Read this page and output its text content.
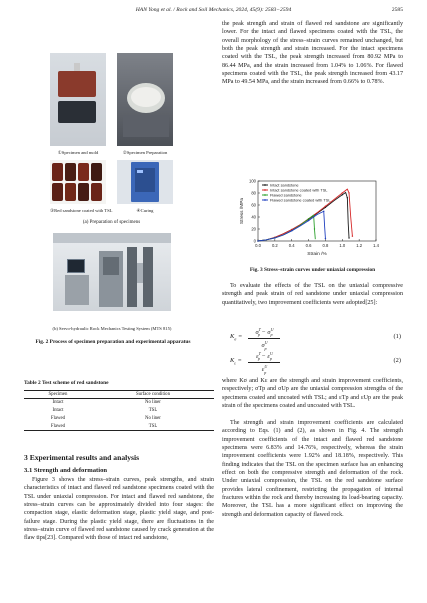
HAN Yong et al. / Rock and Soil Mechanics, 2024, 45(9): 2583−2594	2585
①Specimen and mold	②Specimen Preparation
③Red sandstone coated with TSL	④Curing
(a) Preparation of specimens
(b) Servo-hydraulic Rock Mechanics Testing System (MTS 815)
Fig. 2 Process of specimen preparation and experimental apparatus
Table 2 Test scheme of red sandstone
Specimen	Surface condition
Intact	No liner
Intact	TSL
Flawed	No liner
Flawed	TSL
3 Experimental results and analysis
3.1 Strength and deformation

Figure 3 shows the stress–strain curves, peak strengths, and strain characteristics of intact and flawed red sandstone specimens coated with the TSL under uniaxial compression. For intact and flawed red sandstone, the stress–strain curves can be approximately divided into four stages: the compaction stage, elastic deformation stage, plastic yield stage, and post-failure stage. During the plastic yield stage, there are fluctuations in the stress–strain curve of flawed red sandstone caused by crack generation at the flaw tips[23]. Compared with those of intact red sandstone,

the peak strength and strain of flawed red sandstone are significantly lower. For the intact and flawed specimens coated with the TSL, the overall morphology of the stress–strain curves remained unchanged, but both the peak strength and strain increased. For the intact specimens coated with the TSL, the peak strength increased from 80.92 MPa to 86.44 MPa, and the strain increased from 1.04% to 1.06%. For flawed specimens coated with the TSL, the peak strength increased from 43.17 MPa to 49.54 MPa, and the strain increased from 0.66% to 0.78%.

0.0	0.2	0.4	0.6	0.8	1.0	1.2	1.4
0
20
40
60
80
100
Strain /%
Stress /MPa
Intact sandstone
Intact sandstone coated with TSL
Flawed sandstone
Flawed sandstone coated with TSL
Fig. 3 Stress–strain curves under uniaxial compression

To evaluate the effects of the TSL on the uniaxial compressive strength and peak strain of red sandstone under uniaxial compression quantitatively, two improvement coefficients were adopted[25]:

$K_\sigma$ =
$\sigma^T_p - \sigma^U_p$
$\sigma^U_p$
(1)
$K_\varepsilon$ =
$\varepsilon^T_p - \varepsilon^U_p$
$\varepsilon^U_p$
(2)

where Kσ and Kε are the strength and strain improvement coefficients, respectively; σTp and σUp are the uniaxial compression strengths of the specimens coated and uncoated with TSL; and εTp and εUp are the peak strain of the specimens coated and uncoated with TSL.

The strength and strain improvement coefficients are calculated according to Eqs. (1) and (2), as shown in Fig. 4. The strength improvement coefficients of the intact and flawed red sandstone specimens were 6.83% and 14.76%, respectively, whereas the strain improvement coefficients were 1.92% and 18.18%, respectively. This finding indicates that the TSL on the specimen surface has an enhancing effect on both the compressive strength and deformation of the rock. Under uniaxial compression, the TSL on the red sandstone surface provides lateral confinement, restricting the propagation of internal fractures within the rock and thereby increasing its load-bearing capacity. Moreover, the TSL has a more significant effect on improving the strength and deformation capacity of flawed rock.
